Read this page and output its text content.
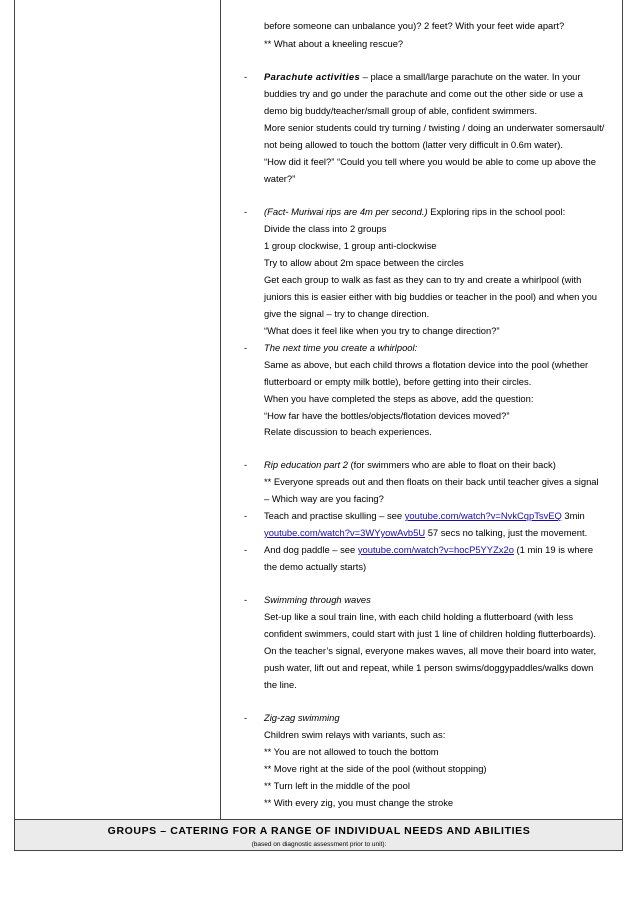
before someone can unbalance you)? 2 feet? With your feet wide apart?
** What about a kneeling rescue?
- Parachute activities – place a small/large parachute on the water. In your
buddies try and go under the parachute and come out the other side or use a
demo big buddy/teacher/small group of able, confident swimmers.
More senior students could try turning / twisting / doing an underwater somersault/
not being allowed to touch the bottom (latter very difficult in 0.6m water).
“How did it feel?” “Could you tell where you would be able to come up above the
water?”
- (Fact- Muriwai rips are 4m per second.) Exploring rips in the school pool:
Divide the class into 2 groups
1 group clockwise, 1 group anti-clockwise
Try to allow about 2m space between the circles
Get each group to walk as fast as they can to try and create a whirlpool (with
juniors this is easier either with big buddies or teacher in the pool) and when you
give the signal – try to change direction.
“What does it feel like when you try to change direction?”
- The next time you create a whirlpool:
Same as above, but each child throws a flotation device into the pool (whether
flutterboard or empty milk bottle), before getting into their circles.
When you have completed the steps as above, add the question:
“How far have the bottles/objects/flotation devices moved?”
Relate discussion to beach experiences.
- Rip education part 2 (for swimmers who are able to float on their back)
** Everyone spreads out and then floats on their back until teacher gives a signal
– Which way are you facing?
- Teach and practise skulling – see youtube.com/watch?v=NvkCqpTsvEQ 3min
youtube.com/watch?v=3WYyowAvb5U 57 secs no talking, just the movement.
- And dog paddle – see youtube.com/watch?v=hocP5YYZx2o (1 min 19 is where
the demo actually starts)
- Swimming through waves
Set-up like a soul train line, with each child holding a flutterboard (with less
confident swimmers, could start with just 1 line of children holding flutterboards).
On the teacher’s signal, everyone makes waves, all move their board into water,
push water, lift out and repeat, while 1 person swims/doggypaddles/walks down
the line.
- Zig-zag swimming
Children swim relays with variants, such as:
** You are not allowed to touch the bottom
** Move right at the side of the pool (without stopping)
** Turn left in the middle of the pool
** With every zig, you must change the stroke
GROUPS – CATERING FOR A RANGE OF INDIVIDUAL NEEDS AND ABILITIES
(based on diagnostic assessment prior to unit):
